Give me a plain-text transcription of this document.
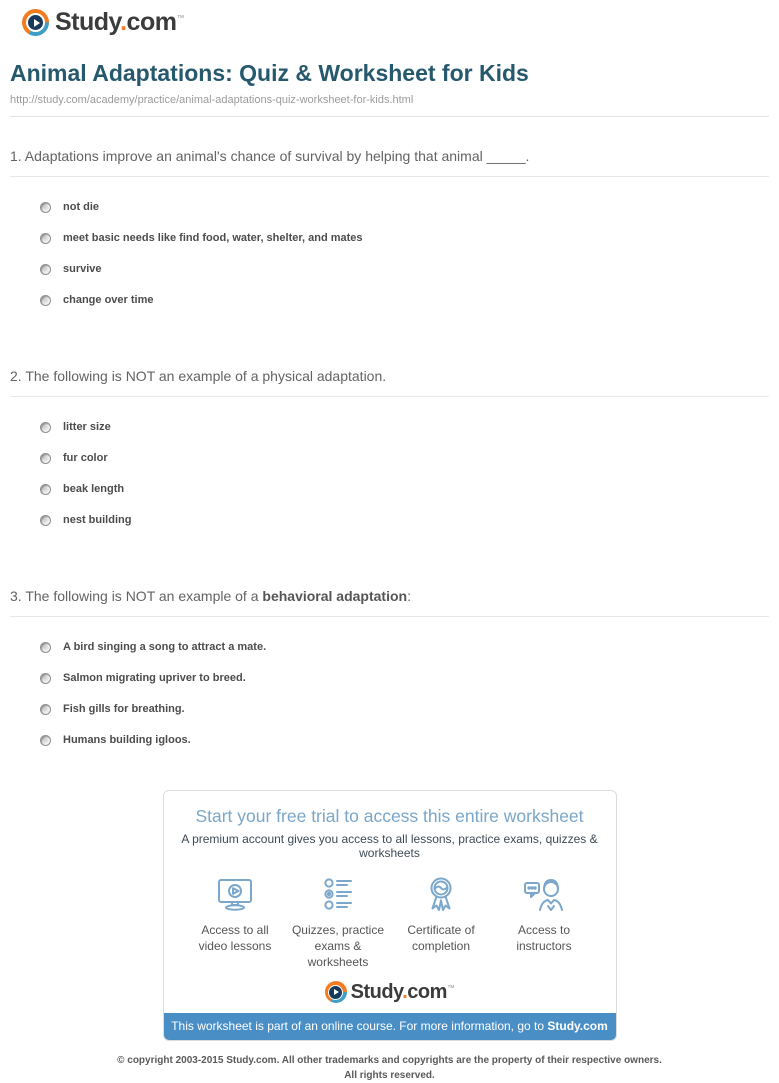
Study.com™
Animal Adaptations: Quiz & Worksheet for Kids
http://study.com/academy/practice/animal-adaptations-quiz-worksheet-for-kids.html
1. Adaptations improve an animal's chance of survival by helping that animal _____.
not die
meet basic needs like find food, water, shelter, and mates
survive
change over time
2. The following is NOT an example of a physical adaptation.
litter size
fur color
beak length
nest building
3. The following is NOT an example of a behavioral adaptation:
A bird singing a song to attract a mate.
Salmon migrating upriver to breed.
Fish gills for breathing.
Humans building igloos.
Start your free trial to access this entire worksheet
A premium account gives you access to all lessons, practice exams, quizzes & worksheets
Access to all video lessons
Quizzes, practice exams & worksheets
Certificate of completion
Access to instructors
Study.com™
This worksheet is part of an online course. For more information, go to Study.com
© copyright 2003-2015 Study.com. All other trademarks and copyrights are the property of their respective owners.
All rights reserved.
